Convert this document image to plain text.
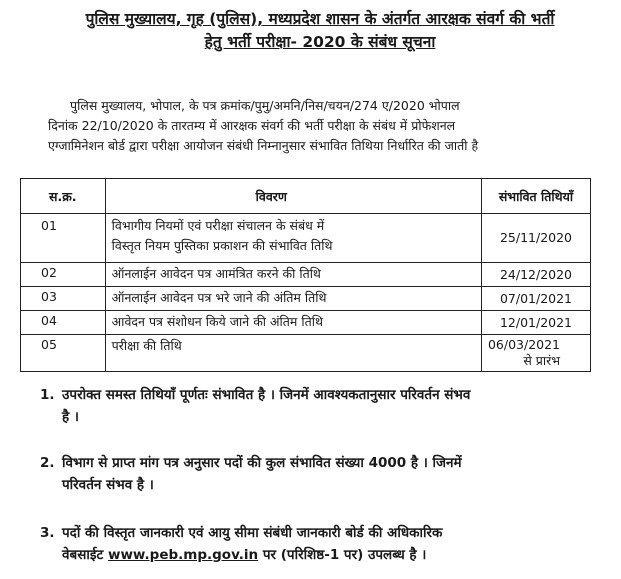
पुलिस मुख्यालय, गृह (पुलिस), मध्यप्रदेश शासन के अंतर्गत आरक्षक संवर्ग की भर्ती
हेतु भर्ती परीक्षा- 2020 के संबंध सूचना
पुलिस मुख्यालय, भोपाल, के पत्र क्रमांक/पुमु/अमनि/निस/चयन/274 ए/2020 भोपाल
दिनांक 22/10/2020 के तारतम्य में आरक्षक संवर्ग की भर्ती परीक्षा के संबंध में प्रोफेशनल
एग्जामिनेशन बोर्ड द्वारा परीक्षा आयोजन संबंधी निम्नानुसार संभावित तिथिया निर्धारित की जाती है
स.क्र.	विवरण	संभावित तिथियाँ
01	विभागीय नियमों एवं परीक्षा संचालन के संबंध में
विस्तृत नियम पुस्तिका प्रकाशन की संभावित तिथि	25/11/2020
02	ऑनलाईन आवेदन पत्र आमंत्रित करने की तिथि	24/12/2020
03	ऑनलाईन आवेदन पत्र भरे जाने की अंतिम तिथि	07/01/2021
04	आवेदन पत्र संशोधन किये जाने की अंतिम तिथि	12/01/2021
05	परीक्षा की तिथि	06/03/2021 से प्रारंभ
1. उपरोक्त समस्त तिथियाँ पूर्णतः संभावित है । जिनमें आवश्यकतानुसार परिवर्तन संभव
है ।
2. विभाग से प्राप्त मांग पत्र अनुसार पदों की कुल संभावित संख्या 4000 है । जिनमें
परिवर्तन संभव है ।
3. पदों की विस्तृत जानकारी एवं आयु सीमा संबंधी जानकारी बोर्ड की अधिकारिक
वेबसाईट www.peb.mp.gov.in पर (परिशिष्ठ-1 पर) उपलब्ध है ।
